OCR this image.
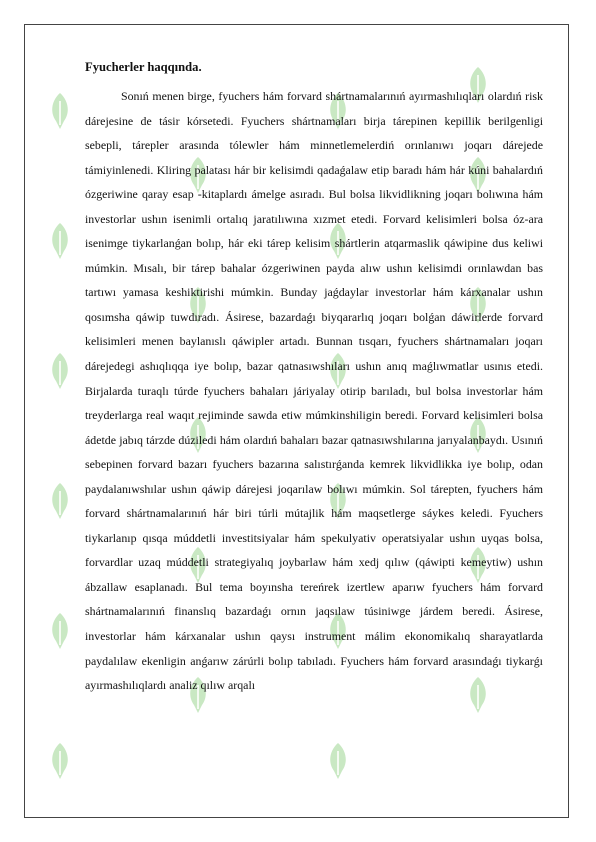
Fyucherler haqqında.

Sonıń menen birge, fyuchers hám forvard shártnamalarınıń ayırmashılıqları olardıń risk dárejesine de tásir kórsetedi. Fyuchers shártnamaları birja tárepinen kepillik berilgenligi sebepli, tárepler arasında tólewler hám minnetlemelerdiń orınlanıwı joqarı dárejede támiyinlenedi. Kliring palatası hár bir kelisimdi qadaǵalaw etip baradı hám hár kúni bahalardıń ózgeriwine qaray esap -kitaplardı ámelge asıradı. Bul bolsa likvidlikning joqarı bolıwına hám investorlar ushın isenimli ortalıq jaratılıwına xızmet etedi. Forvard kelisimleri bolsa óz-ara isenimge tiykarlanǵan bolıp, hár eki tárep kelisim shártlerin atqarmaslik qáwipine dus keliwi múmkin. Mısalı, bir tárep bahalar ózgeriwinen payda alıw ushın kelisimdi orınlawdan bas tartıwı yamasa keshiktirishi múmkin. Bunday jaǵdaylar investorlar hám kárxanalar ushın qosımsha qáwip tuwdıradı. Ásirese, bazardaǵı biyqararlıq joqarı bolǵan dáwirlerde forvard kelisimleri menen baylanıslı qáwipler artadı. Bunnan tısqarı, fyuchers shártnamaları joqarı dárejedegi ashıqlıqqa iye bolıp, bazar qatnasıwshıları ushın anıq maǵlıwmatlar usınıs etedi. Birjalarda turaqlı túrde fyuchers bahaları járiyalay otirip barıladı, bul bolsa investorlar hám treyderlarga real waqıt rejiminde sawda etiw múmkinshiligin beredi. Forvard kelisimleri bolsa ádetde jabıq tárzde dúziledi hám olardıń bahaları bazar qatnasıwshılarına jarıyalanbaydı. Usınıń sebepinen forvard bazarı fyuchers bazarına salıstırǵanda kemrek likvidlikka iye bolıp, odan paydalanıwshılar ushın qáwip dárejesi joqarılaw bolıwı múmkin. Sol tárepten, fyuchers hám forvard shártnamalarınıń hár biri túrli mútajlik hám maqsetlerge sáykes keledi. Fyuchers tiykarlanıp qısqa múddetli investitsiyalar hám spekulyativ operatsiyalar ushın uyqas bolsa, forvardlar uzaq múddetli strategiyalıq joybarlaw hám xedj qılıw (qáwipti kemeytiw) ushın ábzallaw esaplanadı. Bul tema boyınsha tereńrek izertlew aparıw fyuchers hám forvard shártnamalarınıń finanslıq bazardaǵı ornın jaqsılaw túsiniwge járdem beredi. Ásirese, investorlar hám kárxanalar ushın qaysı instrument málim ekonomikalıq sharayatlarda paydalılaw ekenligin anǵarıw zárúrli bolıp tabıladı. Fyuchers hám forvard arasındaǵı tiykarǵı ayırmashılıqlardı analiz qılıw arqalı
